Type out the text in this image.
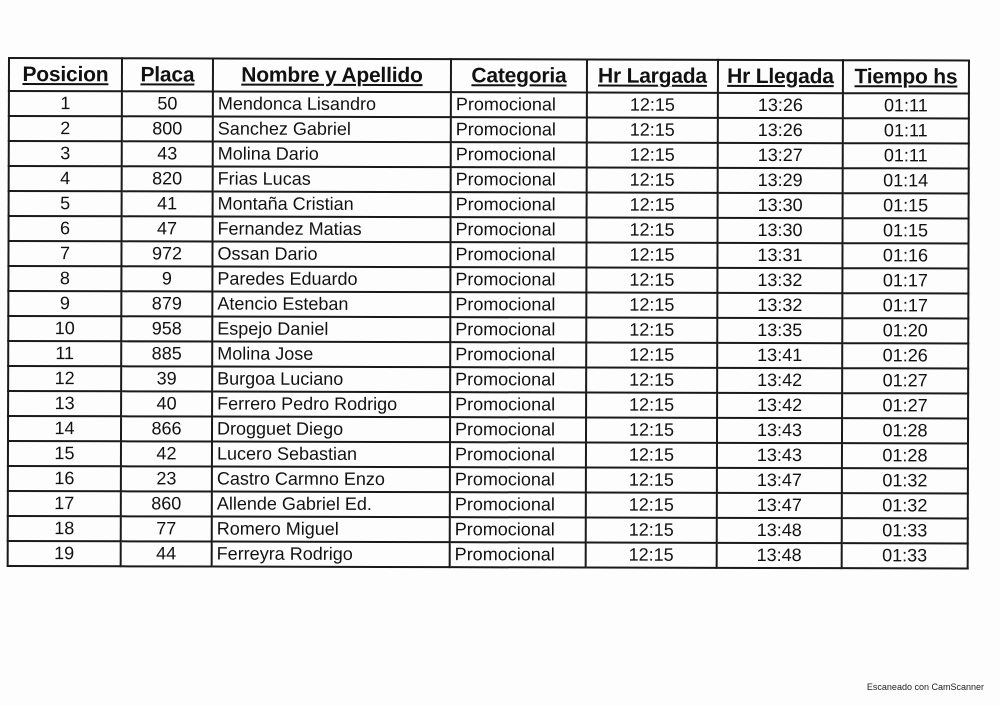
Posicion	Placa	Nombre y Apellido	Categoria	Hr Largada	Hr Llegada	Tiempo hs
1	50	Mendonca Lisandro	Promocional	12:15	13:26	01:11
2	800	Sanchez Gabriel	Promocional	12:15	13:26	01:11
3	43	Molina Dario	Promocional	12:15	13:27	01:11
4	820	Frias Lucas	Promocional	12:15	13:29	01:14
5	41	Montaña Cristian	Promocional	12:15	13:30	01:15
6	47	Fernandez Matias	Promocional	12:15	13:30	01:15
7	972	Ossan Dario	Promocional	12:15	13:31	01:16
8	9	Paredes Eduardo	Promocional	12:15	13:32	01:17
9	879	Atencio Esteban	Promocional	12:15	13:32	01:17
10	958	Espejo Daniel	Promocional	12:15	13:35	01:20
11	885	Molina Jose	Promocional	12:15	13:41	01:26
12	39	Burgoa Luciano	Promocional	12:15	13:42	01:27
13	40	Ferrero Pedro Rodrigo	Promocional	12:15	13:42	01:27
14	866	Drogguet Diego	Promocional	12:15	13:43	01:28
15	42	Lucero Sebastian	Promocional	12:15	13:43	01:28
16	23	Castro Carmno Enzo	Promocional	12:15	13:47	01:32
17	860	Allende Gabriel Ed.	Promocional	12:15	13:47	01:32
18	77	Romero Miguel	Promocional	12:15	13:48	01:33
19	44	Ferreyra Rodrigo	Promocional	12:15	13:48	01:33
Escaneado con CamScanner
